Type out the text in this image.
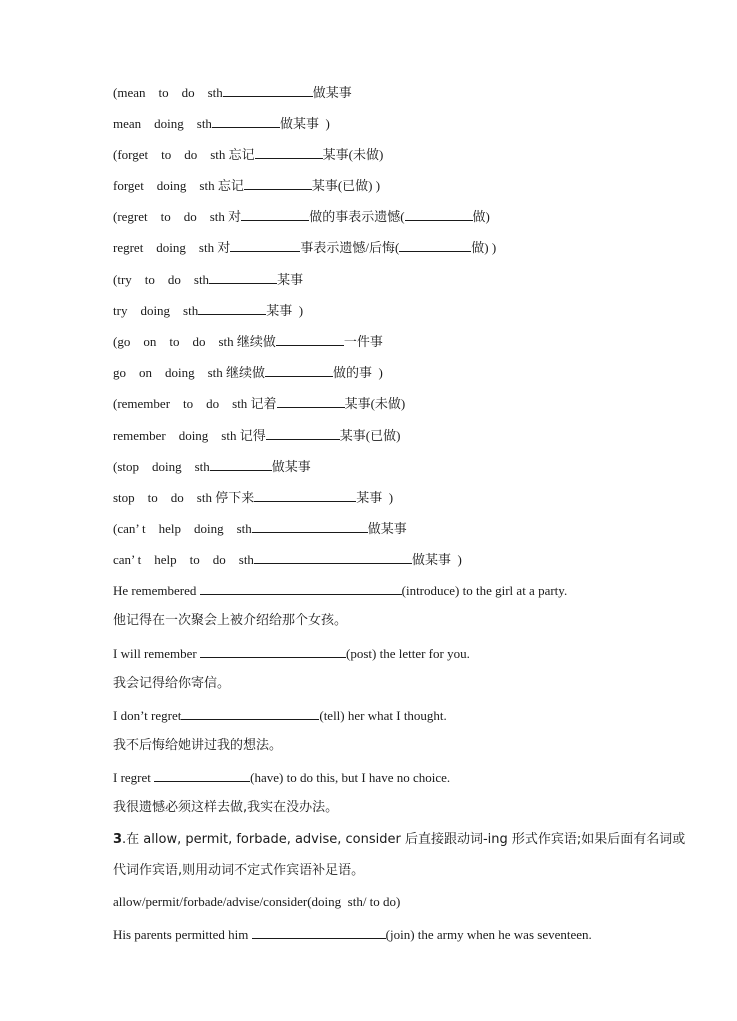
(mean    to    do    sth	做某事
mean    doing    sth	做某事  )
(forget    to    do    sth 忘记	某事(未做)
forget    doing    sth 忘记	某事(已做) )
(regret    to    do    sth 对	做的事表示遗憾(	做)
regret    doing    sth 对	事表示遗憾/后悔(	做) )
(try    to    do    sth	某事
try    doing    sth	某事  )
(go    on    to    do    sth 继续做	一件事
go    on    doing    sth 继续做	做的事  )
(remember    to    do    sth 记着	某事(未做)
remember    doing    sth 记得	某事(已做)
(stop    doing    sth	做某事
stop    to    do    sth 停下来	某事  )
(can’ t    help    doing    sth	做某事
can’ t    help    to    do    sth	做某事  )
He remembered	(introduce) to the girl at a party.
他记得在一次聚会上被介绍给那个女孩。
I will remember	(post) the letter for you.
我会记得给你寄信。
I don’t regret	(tell) her what I thought.
我不后悔给她讲过我的想法。
I regret	(have) to do this, but I have no choice.
我很遗憾必须这样去做,我实在没办法。
3.在 allow, permit, forbade, advise, consider 后直接跟动词-ing 形式作宾语;如果后面有名词或
代词作宾语,则用动词不定式作宾语补足语。
allow/permit/forbade/advise/consider(doing  sth/ to do)
His parents permitted him	(join) the army when he was seventeen.
